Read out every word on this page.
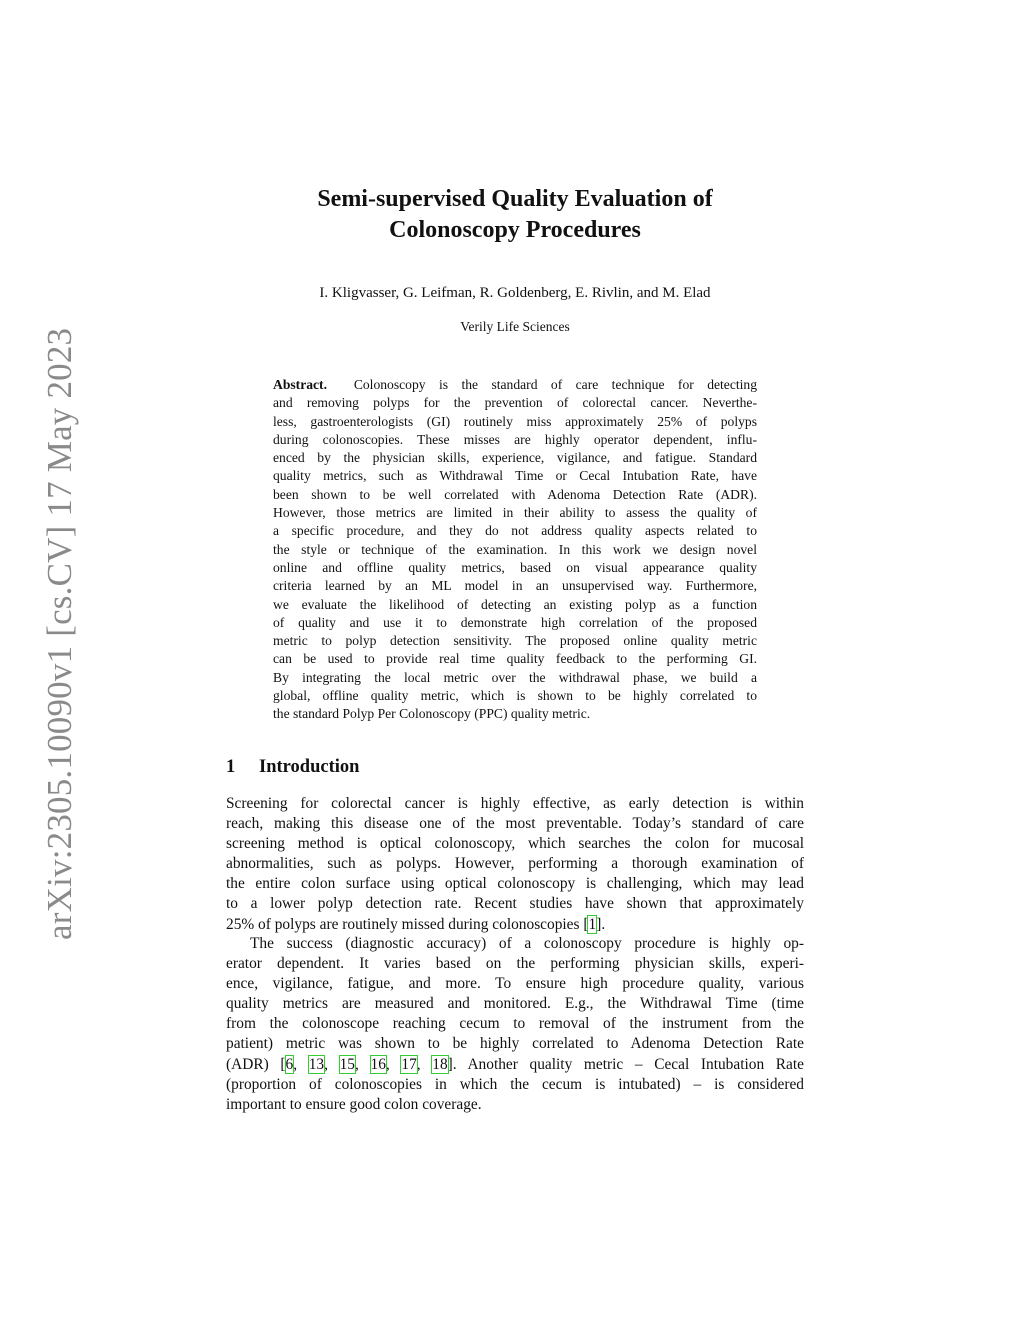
arXiv:2305.10090v1 [cs.CV] 17 May 2023
Semi-supervised Quality Evaluation of
Colonoscopy Procedures
I. Kligvasser, G. Leifman, R. Goldenberg, E. Rivlin, and M. Elad
Verily Life Sciences
Abstract. Colonoscopy is the standard of care technique for detecting
and removing polyps for the prevention of colorectal cancer. Neverthe-
less, gastroenterologists (GI) routinely miss approximately 25% of polyps
during colonoscopies. These misses are highly operator dependent, influ-
enced by the physician skills, experience, vigilance, and fatigue. Standard
quality metrics, such as Withdrawal Time or Cecal Intubation Rate, have
been shown to be well correlated with Adenoma Detection Rate (ADR).
However, those metrics are limited in their ability to assess the quality of
a specific procedure, and they do not address quality aspects related to
the style or technique of the examination. In this work we design novel
online and offline quality metrics, based on visual appearance quality
criteria learned by an ML model in an unsupervised way. Furthermore,
we evaluate the likelihood of detecting an existing polyp as a function
of quality and use it to demonstrate high correlation of the proposed
metric to polyp detection sensitivity. The proposed online quality metric
can be used to provide real time quality feedback to the performing GI.
By integrating the local metric over the withdrawal phase, we build a
global, offline quality metric, which is shown to be highly correlated to
the standard Polyp Per Colonoscopy (PPC) quality metric.
1 Introduction
Screening for colorectal cancer is highly effective, as early detection is within
reach, making this disease one of the most preventable. Today’s standard of care
screening method is optical colonoscopy, which searches the colon for mucosal
abnormalities, such as polyps. However, performing a thorough examination of
the entire colon surface using optical colonoscopy is challenging, which may lead
to a lower polyp detection rate. Recent studies have shown that approximately
25% of polyps are routinely missed during colonoscopies [1].
The success (diagnostic accuracy) of a colonoscopy procedure is highly op-
erator dependent. It varies based on the performing physician skills, experi-
ence, vigilance, fatigue, and more. To ensure high procedure quality, various
quality metrics are measured and monitored. E.g., the Withdrawal Time (time
from the colonoscope reaching cecum to removal of the instrument from the
patient) metric was shown to be highly correlated to Adenoma Detection Rate
(ADR) [6, 13, 15, 16, 17, 18]. Another quality metric – Cecal Intubation Rate
(proportion of colonoscopies in which the cecum is intubated) – is considered
important to ensure good colon coverage.
